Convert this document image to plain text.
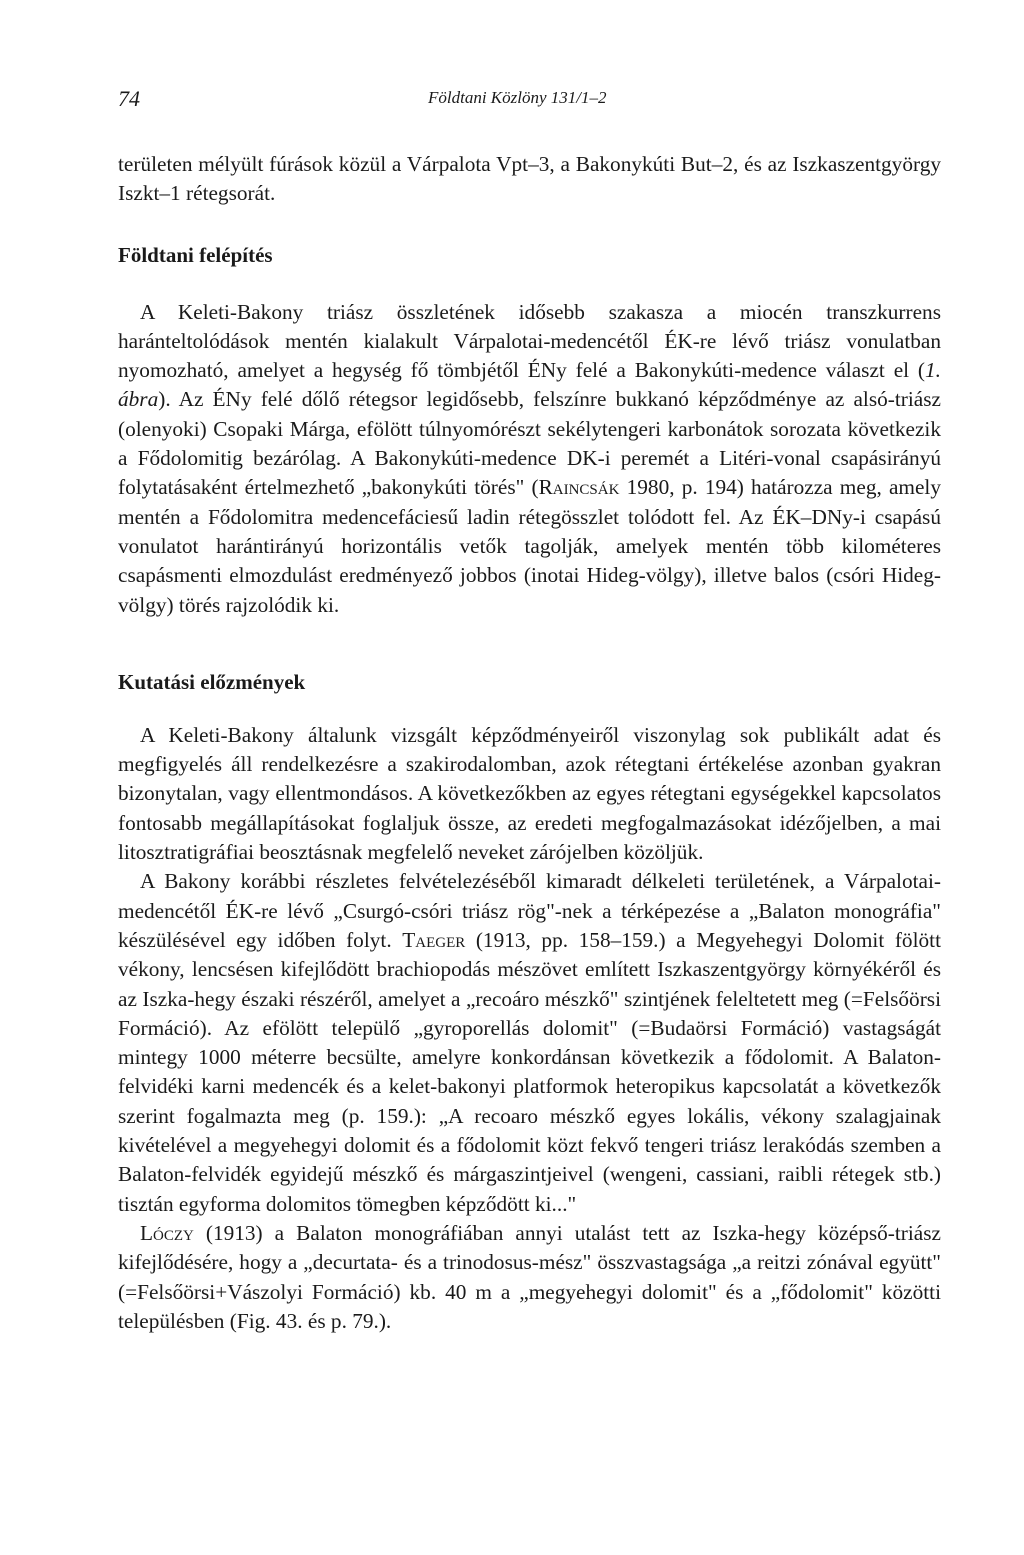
74	Földtani Közlöny 131/1–2

területen mélyült fúrások közül a Várpalota Vpt–3, a Bakonykúti But–2, és az Iszkaszentgyörgy Iszkt–1 rétegsorát.

Földtani felépítés

A Keleti-Bakony triász összletének idősebb szakasza a miocén transzkurrens haránteltolódások mentén kialakult Várpalotai-medencétől ÉK-re lévő triász vonulatban nyomozható, amelyet a hegység fő tömbjétől ÉNy felé a Bakonykúti-medence választ el (1. ábra). Az ÉNy felé dőlő rétegsor legidősebb, felszínre bukkanó képződménye az alsó-triász (olenyoki) Csopaki Márga, efölött túlnyomórészt sekélytengeri karbonátok sorozata következik a Fődolomitig bezárólag. A Bakonykúti-medence DK-i peremét a Litéri-vonal csapásirányú folytatásaként értelmezhető „bakonykúti törés" (Raincsák 1980, p. 194) határozza meg, amely mentén a Fődolomitra medencefáciesű ladin rétegösszlet tolódott fel. Az ÉK–DNy-i csapású vonulatot harántirányú horizontális vetők tagolják, amelyek mentén több kilométeres csapásmenti elmozdulást eredményező jobbos (inotai Hideg-völgy), illetve balos (csóri Hideg-völgy) törés rajzolódik ki.

Kutatási előzmények

A Keleti-Bakony általunk vizsgált képződményeiről viszonylag sok publikált adat és megfigyelés áll rendelkezésre a szakirodalomban, azok rétegtani értékelése azonban gyakran bizonytalan, vagy ellentmondásos. A következőkben az egyes rétegtani egységekkel kapcsolatos fontosabb megállapításokat foglaljuk össze, az eredeti megfogalmazásokat idézőjelben, a mai litosztratigráfiai beosztásnak megfelelő neveket zárójelben közöljük.

A Bakony korábbi részletes felvételezéséből kimaradt délkeleti területének, a Várpalotai-medencétől ÉK-re lévő „Csurgó-csóri triász rög"-nek a térképezése a „Balaton monográfia" készülésével egy időben folyt. Taeger (1913, pp. 158–159.) a Megyehegyi Dolomit fölött vékony, lencsésen kifejlődött brachiopodás mészövet említett Iszkaszentgyörgy környékéről és az Iszka-hegy északi részéről, amelyet a „recoáro mészkő" szintjének feleltetett meg (=Felsőörsi Formáció). Az efölött települő „gyroporellás dolomit" (=Budaörsi Formáció) vastagságát mintegy 1000 méterre becsülte, amelyre konkordánsan következik a fődolomit. A Balaton-felvidéki karni medencék és a kelet-bakonyi platformok heteropikus kapcsolatát a következők szerint fogalmazta meg (p. 159.): „A recoaro mészkő egyes lokális, vékony szalagjainak kivételével a megyehegyi dolomit és a fődolomit közt fekvő tengeri triász lerakódás szemben a Balaton-felvidék egyidejű mészkő és márgaszintjeivel (wengeni, cassiani, raibli rétegek stb.) tisztán egyforma dolomitos tömegben képződött ki..."

Lóczy (1913) a Balaton monográfiában annyi utalást tett az Iszka-hegy középső-triász kifejlődésére, hogy a „decurtata- és a trinodosus-mész" összvastagsága „a reitzi zónával együtt" (=Felsőörsi+Vászolyi Formáció) kb. 40 m a „megyehegyi dolomit" és a „fődolomit" közötti településben (Fig. 43. és p. 79.).
